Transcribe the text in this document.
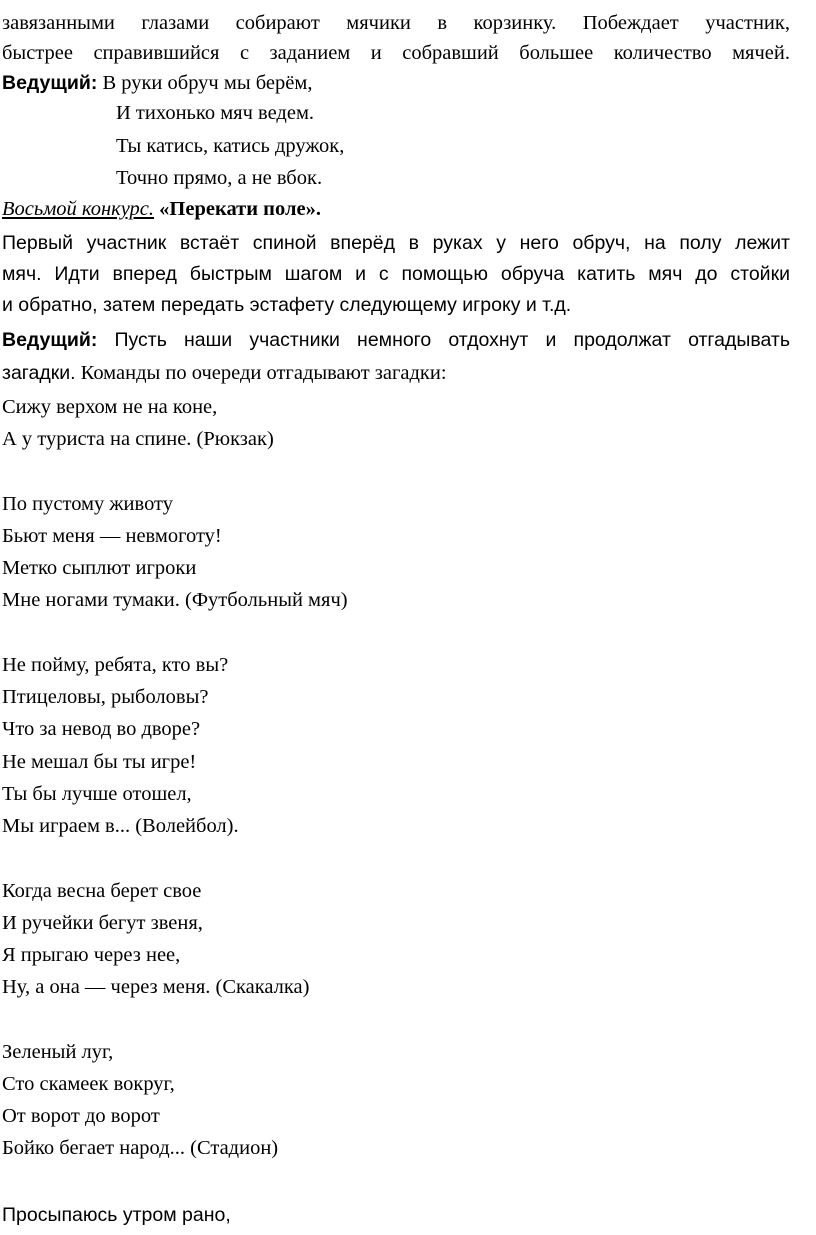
завязанными глазами собирают мячики в корзинку. Побеждает участник,
быстрее справившийся с заданием и собравший большее количество мячей.
Ведущий: В руки обруч мы берём,
И тихонько мяч ведем.
Ты катись, катись дружок,
Точно прямо, а не вбок.
Восьмой конкурс. «Перекати поле».
Первый участник встаёт спиной вперёд в руках у него обруч, на полу лежит
мяч. Идти вперед быстрым шагом и с помощью обруча катить мяч до стойки
и обратно, затем передать эстафету следующему игроку и т.д.
Ведущий: Пусть наши участники немного отдохнут и продолжат отгадывать
загадки. Команды по очереди отгадывают загадки:
Сижу верхом не на коне,
А у туриста на спине. (Рюкзак)
По пустому животу
Бьют меня — невмоготу!
Метко сыплют игроки
Мне ногами тумаки. (Футбольный мяч)
Не пойму, ребята, кто вы?
Птицеловы, рыболовы?
Что за невод во дворе?
Не мешал бы ты игре!
Ты бы лучше отошел,
Мы играем в... (Волейбол).
Когда весна берет свое
И ручейки бегут звеня,
Я прыгаю через нее,
Ну, а она — через меня. (Скакалка)
Зеленый луг,
Сто скамеек вокруг,
От ворот до ворот
Бойко бегает народ... (Стадион)
Просыпаюсь утром рано,
